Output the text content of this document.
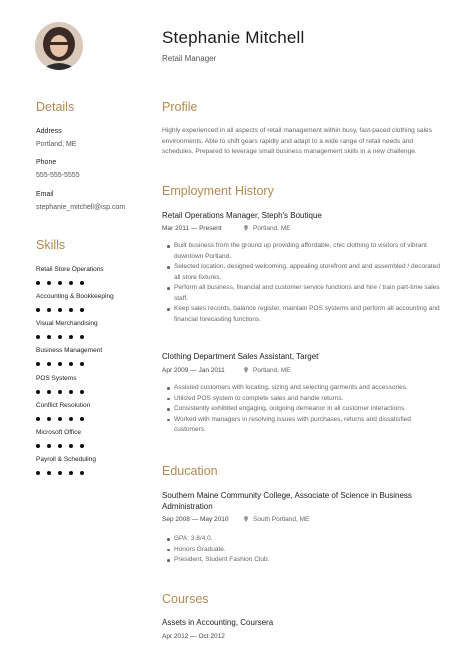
Stephanie Mitchell
Retail Manager
Details
Address
Portland, ME
Phone
555-555-5555
Email
stephanie_mitchell@isp.com
Skills
Retail Store Operations
Accounting & Bookkeeping
Visual Merchandising
Business Management
POS Systems
Conflict Resolution
Microsoft Office
Payroll & Scheduling
Profile
Highly experienced in all aspects of retail management within busy, fast-paced clothing sales environments. Able to shift gears rapidly and adapt to a wide range of retail needs and schedules. Prepared to leverage small business management skills in a new challenge.
Employment History
Retail Operations Manager, Steph's Boutique
Mar 2011 — Present	Portland, ME
Built business from the ground up providing affordable, chic clothing to visitors of vibrant downtown Portland.
Selected location, designed welcoming, appealing storefront and and assembled / decorated all store fixtures.
Perform all business, financial and customer service functions and hire / train part-time sales staff.
Keep sales records, balance register, maintain POS systems and perform all accounting and financial forecasting functions.
Clothing Department Sales Assistant, Target
Apr 2009 — Jan 2011	Portland, ME
Assisted customers with locating, sizing and selecting garments and accessories.
Utilized POS system to complete sales and handle returns.
Consistently exhibited engaging, outgoing demeanor in all customer interactions.
Worked with managers in resolving issues with purchases, returns and dissatisfied customers.
Education
Southern Maine Community College, Associate of Science in Business Administration
Sep 2008 — May 2010	South Portland, ME
GPA: 3.8/4.0.
Honors Graduate.
President, Student Fashion Club.
Courses
Assets in Accounting, Coursera
Apr 2012 — Oct 2012
